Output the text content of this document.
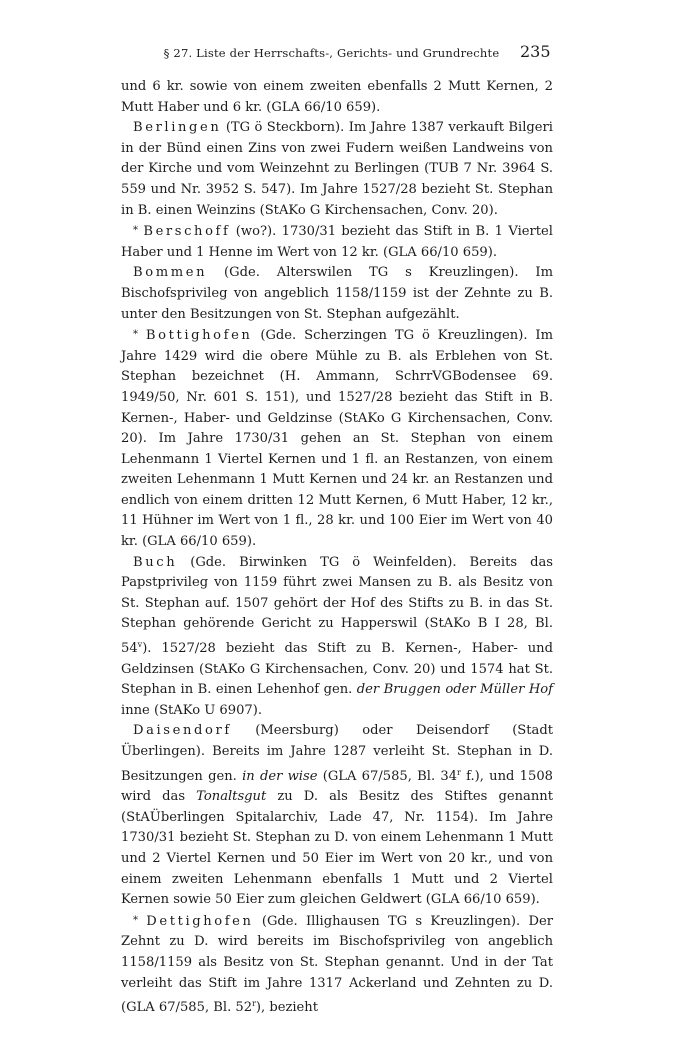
§ 27. Liste der Herrschafts-, Gerichts- und Grundrechte	235

und 6 kr. sowie von einem zweiten ebenfalls 2 Mutt Kernen, 2 Mutt Haber und 6 kr. (GLA 66/10 659).

Berlingen (TG ö Steckborn). Im Jahre 1387 verkauft Bilgeri in der Bünd einen Zins von zwei Fudern weißen Landweins von der Kirche und vom Weinzehnt zu Berlingen (TUB 7 Nr. 3964 S. 559 und Nr. 3952 S. 547). Im Jahre 1527/28 bezieht St. Stephan in B. einen Weinzins (StAKo G Kirchensachen, Conv. 20).

* Berschoff (wo?). 1730/31 bezieht das Stift in B. 1 Viertel Haber und 1 Henne im Wert von 12 kr. (GLA 66/10 659).

Bommen (Gde. Alterswilen TG s Kreuzlingen). Im Bischofsprivileg von angeblich 1158/1159 ist der Zehnte zu B. unter den Besitzungen von St. Stephan aufgezählt.

* Bottighofen (Gde. Scherzingen TG ö Kreuzlingen). Im Jahre 1429 wird die obere Mühle zu B. als Erblehen von St. Stephan bezeichnet (H. Ammann, SchrrVGBodensee 69. 1949/50, Nr. 601 S. 151), und 1527/28 bezieht das Stift in B. Kernen-, Haber- und Geldzinse (StAKo G Kirchensachen, Conv. 20). Im Jahre 1730/31 gehen an St. Stephan von einem Lehenmann 1 Viertel Kernen und 1 fl. an Restanzen, von einem zweiten Lehenmann 1 Mutt Kernen und 24 kr. an Restanzen und endlich von einem dritten 12 Mutt Kernen, 6 Mutt Haber, 12 kr., 11 Hühner im Wert von 1 fl., 28 kr. und 100 Eier im Wert von 40 kr. (GLA 66/10 659).

Buch (Gde. Birwinken TG ö Weinfelden). Bereits das Papstprivileg von 1159 führt zwei Mansen zu B. als Besitz von St. Stephan auf. 1507 gehört der Hof des Stifts zu B. in das St. Stephan gehörende Gericht zu Happerswil (StAKo B I 28, Bl. 54$^v$). 1527/28 bezieht das Stift zu B. Kernen-, Haber- und Geldzinsen (StAKo G Kirchensachen, Conv. 20) und 1574 hat St. Stephan in B. einen Lehenhof gen. der Bruggen oder Müller Hof inne (StAKo U 6907).

Daisendorf (Meersburg) oder Deisendorf (Stadt Überlingen). Bereits im Jahre 1287 verleiht St. Stephan in D. Besitzungen gen. in der wise (GLA 67/585, Bl. 34$^r$ f.), und 1508 wird das Tonaltsgut zu D. als Besitz des Stiftes genannt (StAÜberlingen Spitalarchiv, Lade 47, Nr. 1154). Im Jahre 1730/31 bezieht St. Stephan zu D. von einem Lehenmann 1 Mutt und 2 Viertel Kernen und 50 Eier im Wert von 20 kr., und von einem zweiten Lehenmann ebenfalls 1 Mutt und 2 Viertel Kernen sowie 50 Eier zum gleichen Geldwert (GLA 66/10 659).

* Dettighofen (Gde. Illighausen TG s Kreuzlingen). Der Zehnt zu D. wird bereits im Bischofsprivileg von angeblich 1158/1159 als Besitz von St. Stephan genannt. Und in der Tat verleiht das Stift im Jahre 1317 Ackerland und Zehnten zu D. (GLA 67/585, Bl. 52$^r$), bezieht
